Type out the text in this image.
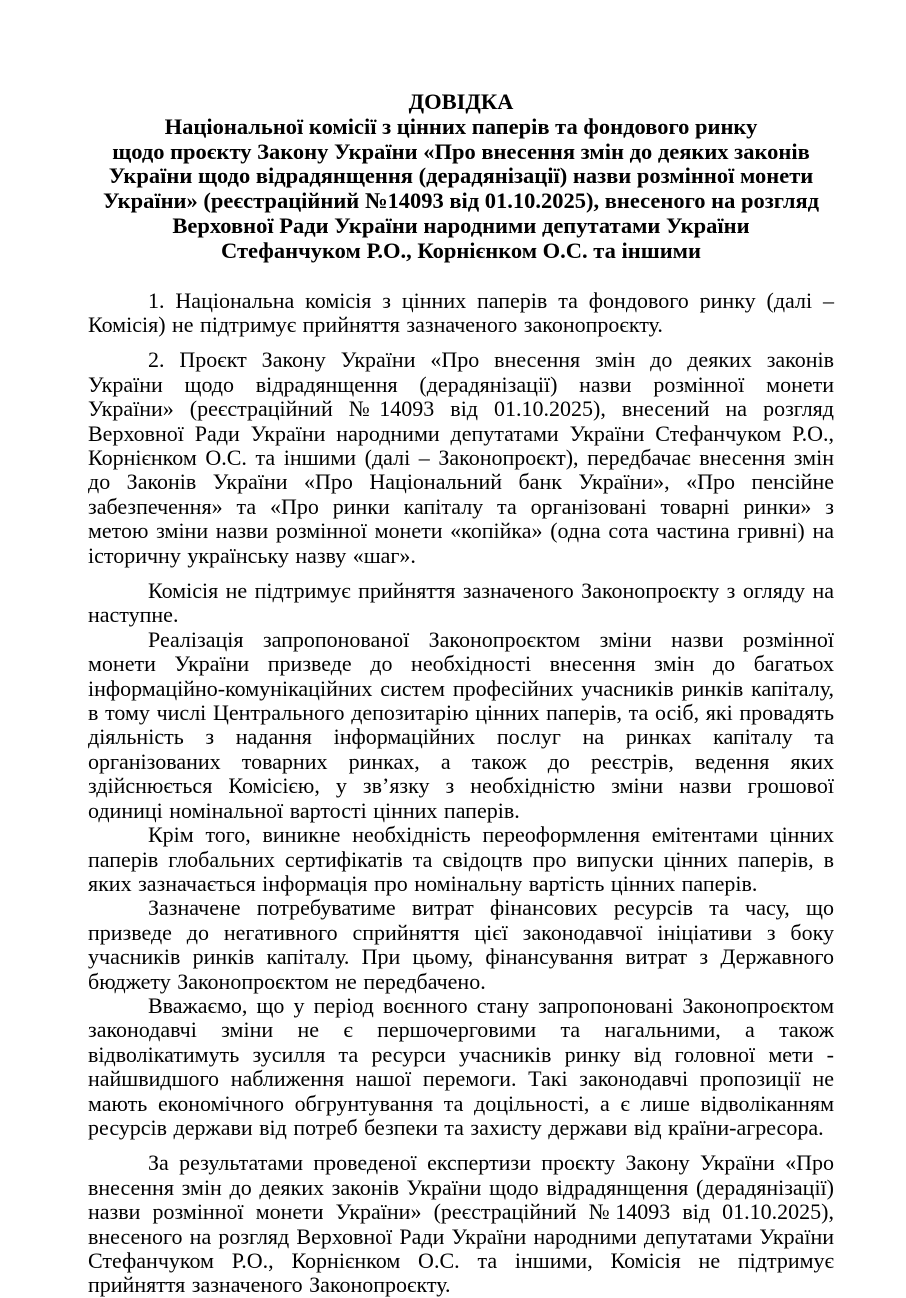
ДОВІДКА
Національної комісії з цінних паперів та фондового ринку
щодо проєкту Закону України «Про внесення змін до деяких законів
України щодо відрадянщення (дерадянізації) назви розмінної монети
України» (реєстраційний №14093 від 01.10.2025), внесеного на розгляд
Верховної Ради України народними депутатами України
Стефанчуком Р.О., Корнієнком О.С. та іншими

1. Національна комісія з цінних паперів та фондового ринку (далі – Комісія) не підтримує прийняття зазначеного законопроєкту.

2. Проєкт Закону України «Про внесення змін до деяких законів України щодо відрадянщення (дерадянізації) назви розмінної монети України» (реєстраційний №14093 від 01.10.2025), внесений на розгляд Верховної Ради України народними депутатами України Стефанчуком Р.О., Корнієнком О.С. та іншими (далі – Законопроєкт), передбачає внесення змін до Законів України «Про Національний банк України», «Про пенсійне забезпечення» та «Про ринки капіталу та організовані товарні ринки» з метою зміни назви розмінної монети «копійка» (одна сота частина гривні) на історичну українську назву «шаг».

Комісія не підтримує прийняття зазначеного Законопроєкту з огляду на наступне.

Реалізація запропонованої Законопроєктом зміни назви розмінної монети України призведе до необхідності внесення змін до багатьох інформаційно-комунікаційних систем професійних учасників ринків капіталу, в тому числі Центрального депозитарію цінних паперів, та осіб, які провадять діяльність з надання інформаційних послуг на ринках капіталу та організованих товарних ринках, а також до реєстрів, ведення яких здійснюється Комісією, у зв’язку з необхідністю зміни назви грошової одиниці номінальної вартості цінних паперів.

Крім того, виникне необхідність переоформлення емітентами цінних паперів глобальних сертифікатів та свідоцтв про випуски цінних паперів, в яких зазначається інформація про номінальну вартість цінних паперів.

Зазначене потребуватиме витрат фінансових ресурсів та часу, що призведе до негативного сприйняття цієї законодавчої ініціативи з боку учасників ринків капіталу. При цьому, фінансування витрат з Державного бюджету Законопроєктом не передбачено.

Вважаємо, що у період воєнного стану запропоновані Законопроєктом законодавчі зміни не є першочерговими та нагальними, а також відволікатимуть зусилля та ресурси учасників ринку від головної мети - найшвидшого наближення нашої перемоги. Такі законодавчі пропозиції не мають економічного обгрунтування та доцільності, а є лише відволіканням ресурсів держави від потреб безпеки та захисту держави від країни-агресора.

За результатами проведеної експертизи проєкту Закону України «Про внесення змін до деяких законів України щодо відрадянщення (дерадянізації) назви розмінної монети України» (реєстраційний №14093 від 01.10.2025), внесеного на розгляд Верховної Ради України народними депутатами України Стефанчуком Р.О., Корнієнком О.С. та іншими, Комісія не підтримує прийняття зазначеного Законопроєкту.
